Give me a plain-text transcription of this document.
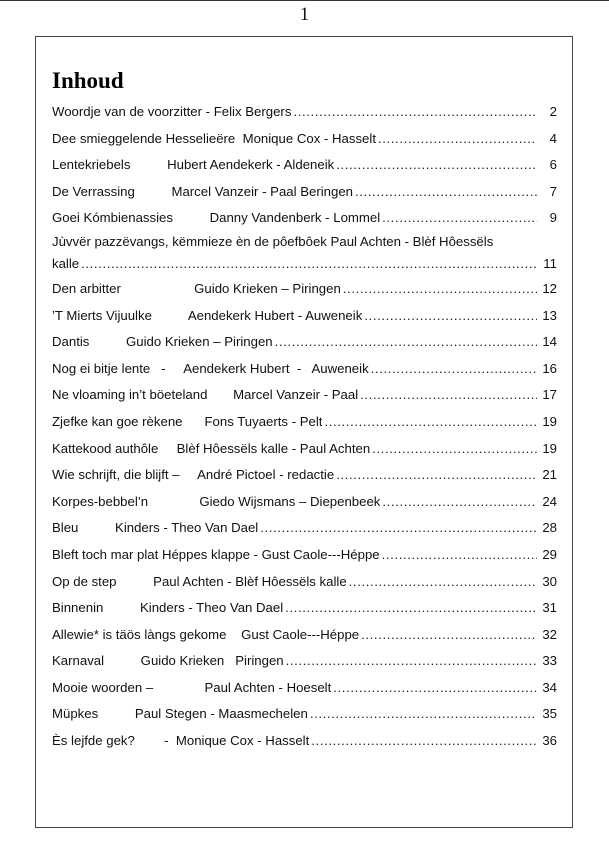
1
Inhoud
Woordje van de voorzitter - Felix Bergers .....	2
Dee smieggelende Hesselieëre  Monique Cox - Hasselt .....	4
Lentekriebels          Hubert Aendekerk - Aldeneik .....	6
De Verrassing          Marcel Vanzeir - Paal Beringen .....	7
Goei Kómbienassies          Danny Vandenberk - Lommel .....	9
Jùvvër pazzëvangs, këmmieze èn de pôefbôek Paul Achten - Blèf Hôessëls
kalle .....	11
Den arbitter                    Guido Krieken – Piringen .....	12
’T Mierts Vijuulke          Aendekerk Hubert - Auweneik .....	13
Dantis          Guido Krieken – Piringen .....	14
Nog ei bitje lente   -     Aendekerk Hubert  -   Auweneik .....	16
Ne vloaming in’t böeteland       Marcel Vanzeir - Paal .....	17
Zjefke kan goe rèkene      Fons Tuyaerts - Pelt .....	19
Kattekood authôle     Blèf Hôessëls kalle - Paul Achten .....	19
Wie schrijft, die blijft –     André Pictoel - redactie .....	21
Korpes-bebbel’n              Giedo Wijsmans – Diepenbeek .....	24
Bleu          Kinders - Theo Van Dael .....	28
Bleft toch mar plat Héppes klappe - Gust Caole---Héppe .....	29
Op de step          Paul Achten - Blèf Hôessëls kalle .....	30
Binnenin          Kinders - Theo Van Dael .....	31
Allewie* is täös làngs gekome    Gust Caole---Héppe .....	32
Karnaval          Guido Krieken   Piringen .....	33
Mooie woorden –              Paul Achten - Hoeselt .....	34
Müpkes          Paul Stegen - Maasmechelen .....	35
Ès lejfde gek?        -  Monique Cox - Hasselt .....	36
